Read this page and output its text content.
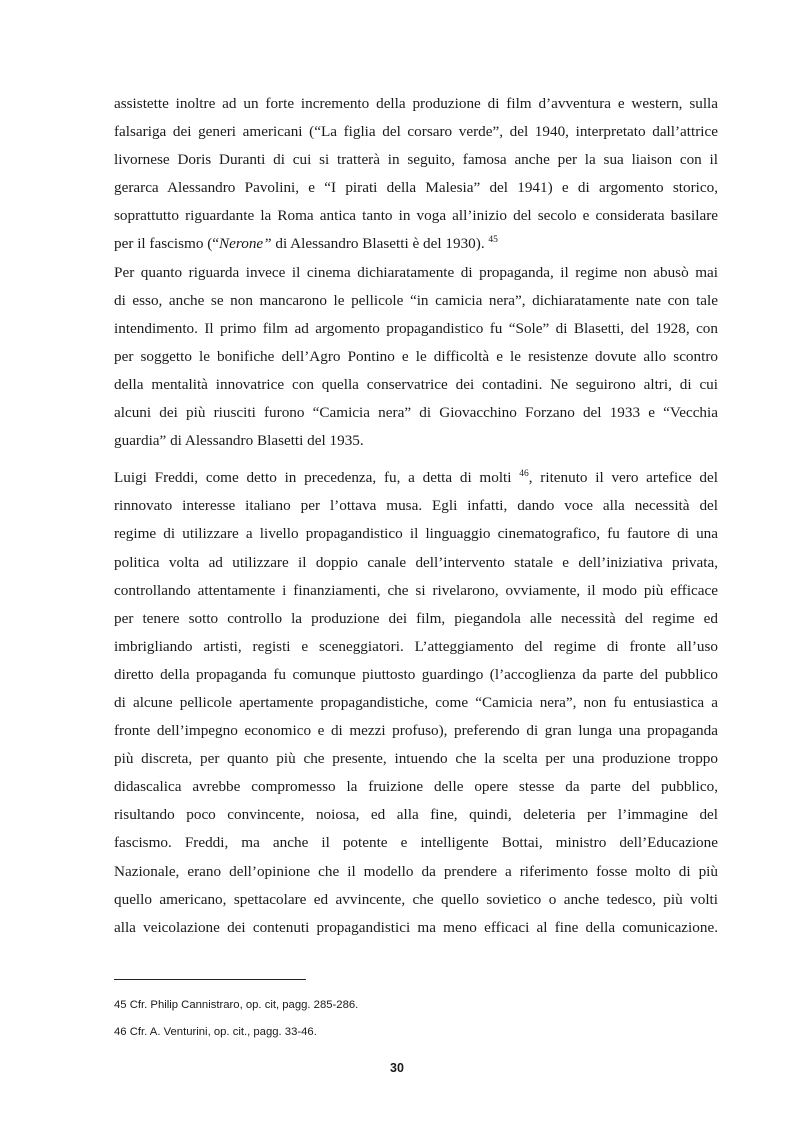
assistette inoltre ad un forte incremento della produzione di film d’avventura e western, sulla
falsariga dei generi americani (“La figlia del corsaro verde”, del 1940, interpretato dall’attrice
livornese Doris Duranti di cui si tratterà in seguito, famosa anche per la sua liaison con il
gerarca Alessandro Pavolini, e “I pirati della Malesia” del 1941) e di argomento storico,
soprattutto riguardante la Roma antica tanto in voga all’inizio del secolo e considerata basilare
per il fascismo (“Nerone” di Alessandro Blasetti è del 1930). $^{45}$
Per quanto riguarda invece il cinema dichiaratamente di propaganda, il regime non abusò mai
di esso, anche se non mancarono le pellicole “in camicia nera”, dichiaratamente nate con tale
intendimento. Il primo film ad argomento propagandistico fu “Sole” di Blasetti, del 1928, con
per soggetto le bonifiche dell’Agro Pontino e le difficoltà e le resistenze dovute allo scontro
della mentalità innovatrice con quella conservatrice dei contadini. Ne seguirono altri, di cui
alcuni dei più riusciti furono “Camicia nera” di Giovacchino Forzano del 1933 e “Vecchia
guardia” di Alessandro Blasetti del 1935.
Luigi Freddi, come detto in precedenza, fu, a detta di molti $^{46}$, ritenuto il vero artefice del
rinnovato interesse italiano per l’ottava musa. Egli infatti, dando voce alla necessità del
regime di utilizzare a livello propagandistico il linguaggio cinematografico, fu fautore di una
politica volta ad utilizzare il doppio canale dell’intervento statale e dell’iniziativa privata,
controllando attentamente i finanziamenti, che si rivelarono, ovviamente, il modo più efficace
per tenere sotto controllo la produzione dei film, piegandola alle necessità del regime ed
imbrigliando artisti, registi e sceneggiatori. L’atteggiamento del regime di fronte all’uso
diretto della propaganda fu comunque piuttosto guardingo (l’accoglienza da parte del pubblico
di alcune pellicole apertamente propagandistiche, come “Camicia nera”, non fu entusiastica a
fronte dell’impegno economico e di mezzi profuso), preferendo di gran lunga una propaganda
più discreta, per quanto più che presente, intuendo che la scelta per una produzione troppo
didascalica avrebbe compromesso la fruizione delle opere stesse da parte del pubblico,
risultando poco convincente, noiosa, ed alla fine, quindi, deleteria per l’immagine del
fascismo. Freddi, ma anche il potente e intelligente Bottai, ministro dell’Educazione
Nazionale, erano dell’opinione che il modello da prendere a riferimento fosse molto di più
quello americano, spettacolare ed avvincente, che quello sovietico o anche tedesco, più volti
alla veicolazione dei contenuti propagandistici ma meno efficaci al fine della comunicazione.
45 Cfr. Philip Cannistraro, op. cit, pagg. 285-286.
46 Cfr. A. Venturini, op. cit., pagg. 33-46.
30
